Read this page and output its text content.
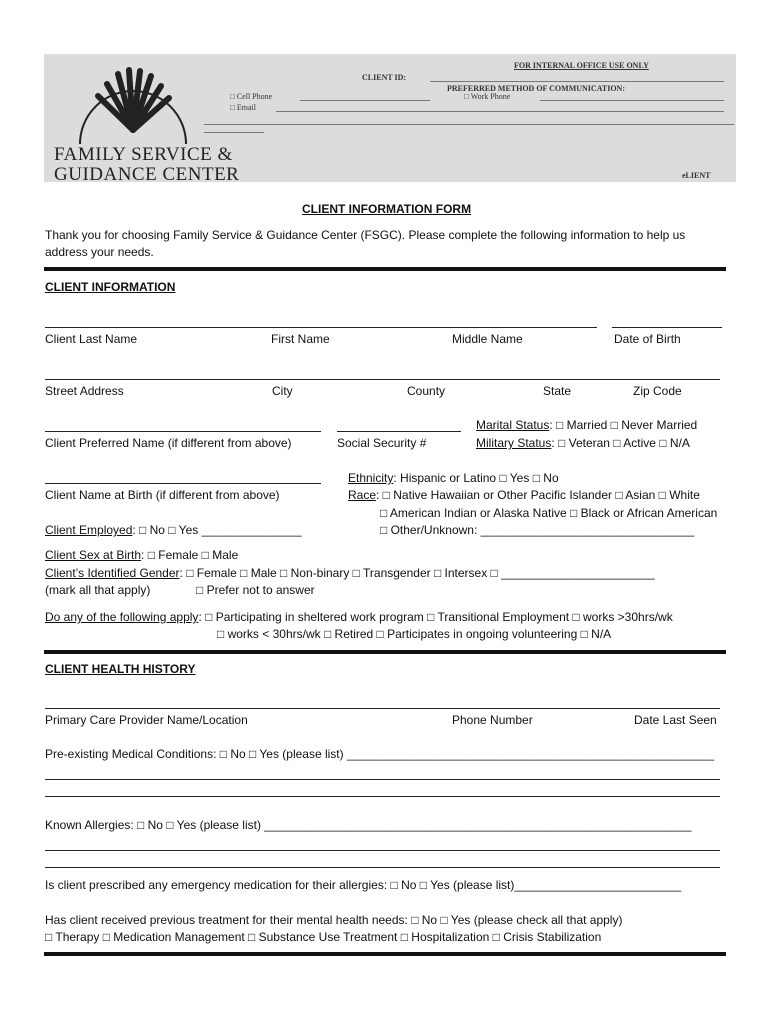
FAMILY SERVICE &
GUIDANCE CENTER
FOR INTERNAL OFFICE USE ONLY
CLIENT ID:
PREFERRED METHOD OF COMMUNICATION:
□ Cell Phone	□ Work Phone
□ Email
eLIENT
CLIENT INFORMATION FORM
Thank you for choosing Family Service & Guidance Center (FSGC). Please complete the following information to help us
address your needs.
CLIENT INFORMATION
Client Last Name	First Name	Middle Name	Date of Birth
Street Address	City	County	State	Zip Code
Marital Status: □ Married □ Never Married
Client Preferred Name (if different from above)	Social Security #	Military Status: □ Veteran □ Active □ N/A
Ethnicity: Hispanic or Latino □ Yes □ No
Client Name at Birth (if different from above)	Race: □ Native Hawaiian or Other Pacific Islander □ Asian □ White
□ American Indian or Alaska Native □ Black or African American
Client Employed: □ No □ Yes _______________	□ Other/Unknown: ________________________________
Client Sex at Birth: □ Female □ Male
Client’s Identified Gender: □ Female □ Male □ Non-binary □ Transgender □ Intersex □ _______________________
(mark all that apply)	□ Prefer not to answer
Do any of the following apply: □ Participating in sheltered work program □ Transitional Employment □ works >30hrs/wk
□ works < 30hrs/wk □ Retired □ Participates in ongoing volunteering □ N/A
CLIENT HEALTH HISTORY
Primary Care Provider Name/Location	Phone Number	Date Last Seen
Pre-existing Medical Conditions: □ No □ Yes (please list) _______________________________________________________
Known Allergies: □ No □ Yes (please list) ________________________________________________________________
Is client prescribed any emergency medication for their allergies: □ No □ Yes (please list)_________________________
Has client received previous treatment for their mental health needs: □ No □ Yes (please check all that apply)
□ Therapy □ Medication Management □ Substance Use Treatment □ Hospitalization □ Crisis Stabilization
